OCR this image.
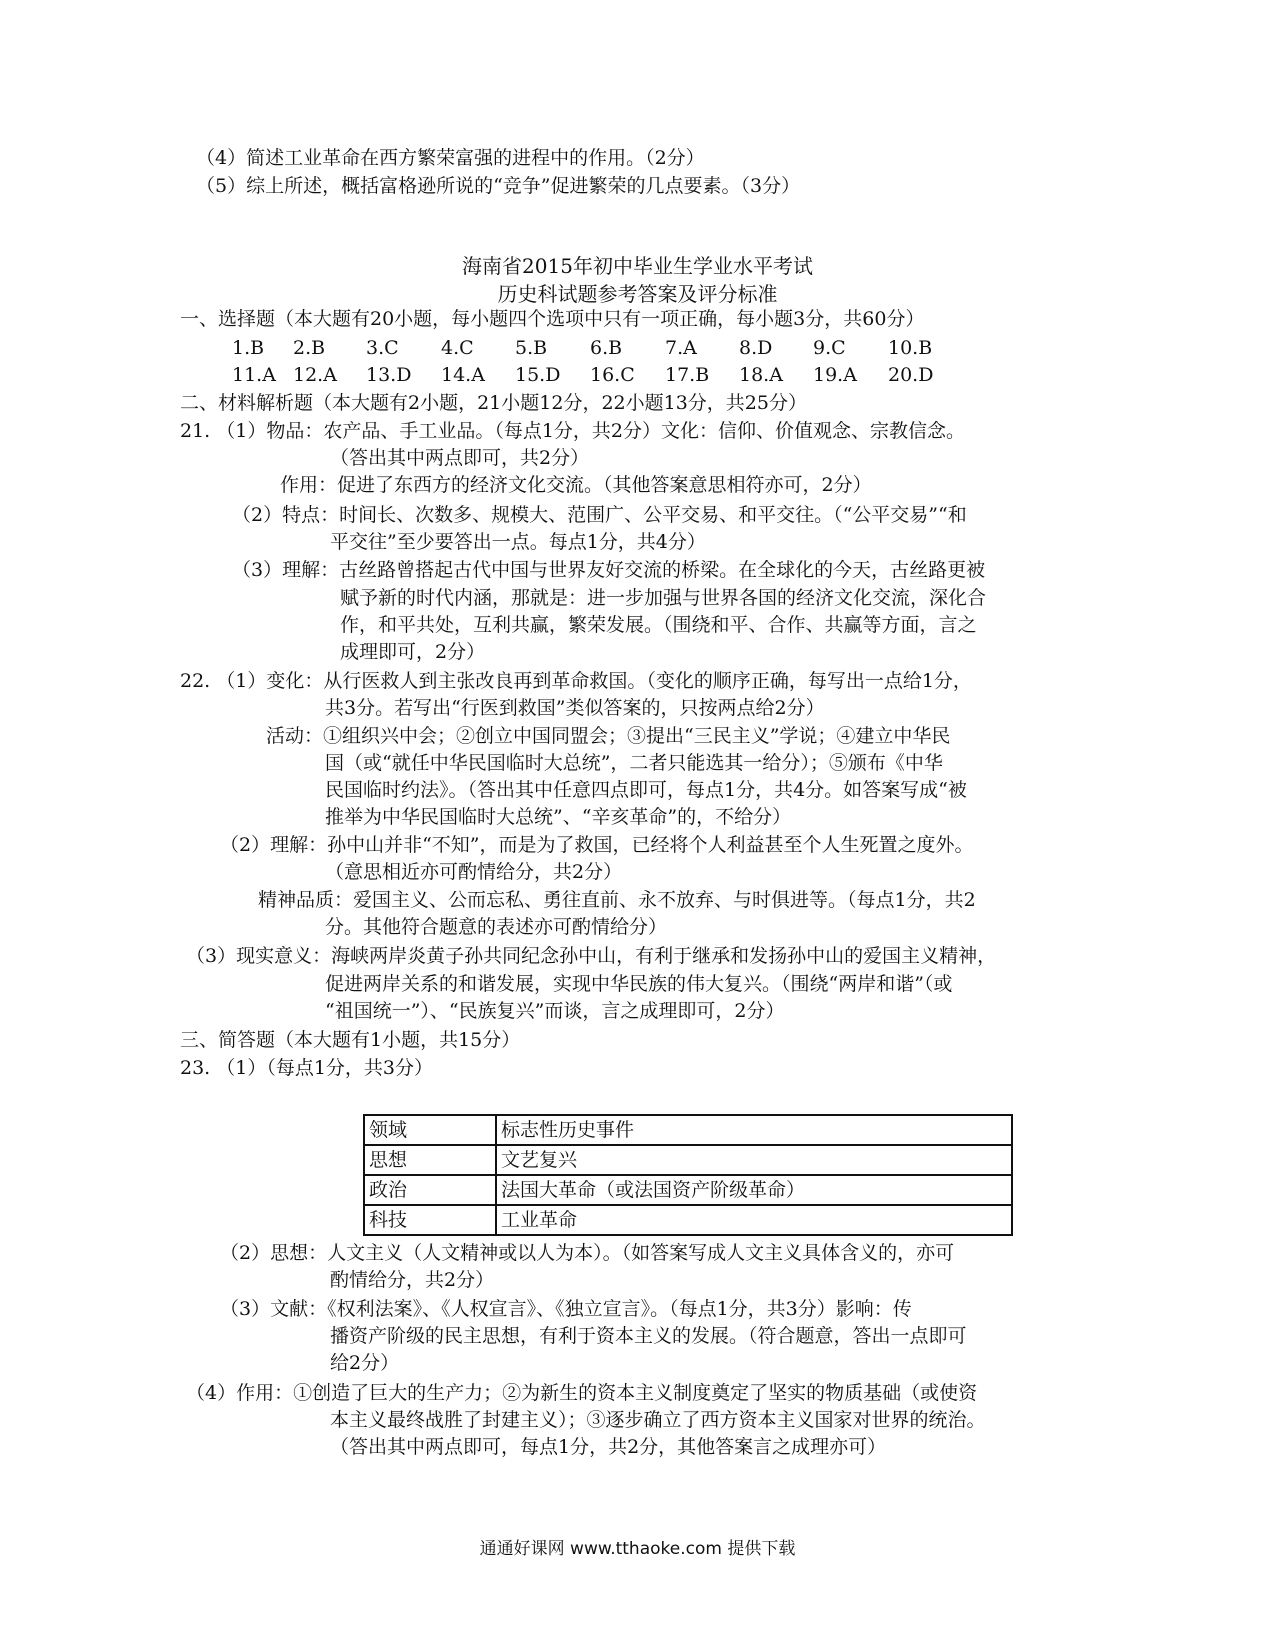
（4）简述工业革命在西方繁荣富强的进程中的作用。（2分）
（5）综上所述，概括富格逊所说的“竞争”促进繁荣的几点要素。（3分）
海南省2015年初中毕业生学业水平考试
历史科试题参考答案及评分标准
一、选择题（本大题有20小题，每小题四个选项中只有一项正确，每小题3分，共60分）
1.B 2.B 3.C 4.C 5.B 6.B 7.A 8.D 9.C 10.B
11.A 12.A 13.D 14.A 15.D 16.C 17.B 18.A 19.A 20.D
二、材料解析题（本大题有2小题，21小题12分，22小题13分，共25分）
21. （1）物品：农产品、手工业品。（每点1分，共2分）文化：信仰、价值观念、宗教信念。
（答出其中两点即可，共2分）
作用：促进了东西方的经济文化交流。（其他答案意思相符亦可，2分）
（2）特点：时间长、次数多、规模大、范围广、公平交易、和平交往。（“公平交易”“和
平交往”至少要答出一点。每点1分，共4分）
（3）理解：古丝路曾搭起古代中国与世界友好交流的桥梁。在全球化的今天，古丝路更被
赋予新的时代内涵，那就是：进一步加强与世界各国的经济文化交流，深化合
作，和平共处，互利共赢，繁荣发展。（围绕和平、合作、共赢等方面，言之
成理即可，2分）
22. （1）变化：从行医救人到主张改良再到革命救国。（变化的顺序正确，每写出一点给1分，
共3分。若写出“行医到救国”类似答案的，只按两点给2分）
活动：①组织兴中会；②创立中国同盟会；③提出“三民主义”学说；④建立中华民
国（或“就任中华民国临时大总统”，二者只能选其一给分）；⑤颁布《中华
民国临时约法》。（答出其中任意四点即可，每点1分，共4分。如答案写成“被
推举为中华民国临时大总统”、“辛亥革命”的，不给分）
（2）理解：孙中山并非“不知”，而是为了救国，已经将个人利益甚至个人生死置之度外。
（意思相近亦可酌情给分，共2分）
精神品质：爱国主义、公而忘私、勇往直前、永不放弃、与时俱进等。（每点1分，共2
分。其他符合题意的表述亦可酌情给分）
（3）现实意义：海峡两岸炎黄子孙共同纪念孙中山，有利于继承和发扬孙中山的爱国主义精神，
促进两岸关系的和谐发展，实现中华民族的伟大复兴。（围绕“两岸和谐”（或
“祖国统一”）、“民族复兴”而谈，言之成理即可，2分）
三、简答题（本大题有1小题，共15分）
23. （1）（每点1分，共3分）
领域	标志性历史事件
思想	文艺复兴
政治	法国大革命（或法国资产阶级革命）
科技	工业革命
（2）思想：人文主义（人文精神或以人为本）。（如答案写成人文主义具体含义的，亦可
酌情给分，共2分）
（3）文献：《权利法案》、《人权宣言》、《独立宣言》。（每点1分，共3分）影响：传
播资产阶级的民主思想，有利于资本主义的发展。（符合题意，答出一点即可
给2分）
（4）作用：①创造了巨大的生产力；②为新生的资本主义制度奠定了坚实的物质基础（或使资
本主义最终战胜了封建主义）；③逐步确立了西方资本主义国家对世界的统治。
（答出其中两点即可，每点1分，共2分，其他答案言之成理亦可）
通通好课网 www.tthaoke.com 提供下载
